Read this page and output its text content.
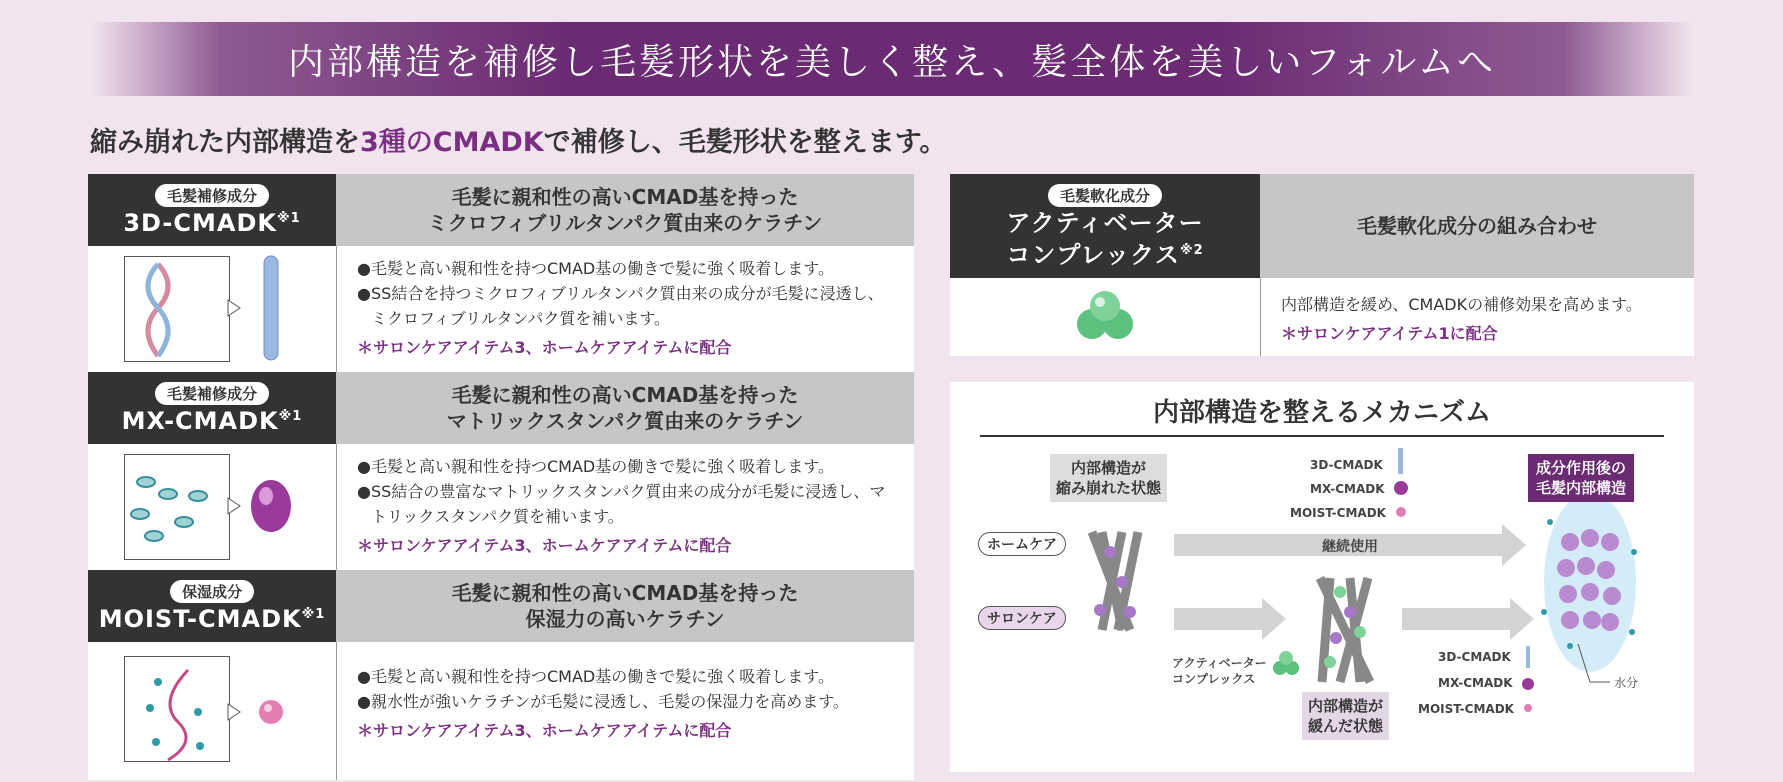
内部構造を補修し毛髪形状を美しく整え、髪全体を美しいフォルムへ
縮み崩れた内部構造を3種のCMADKで補修し、毛髪形状を整えます。
毛髪補修成分
3D-CMADK$^{※1}$
毛髪に親和性の高いCMAD基を持った
ミクロフィブリルタンパク質由来のケラチン
● 毛髪と高い親和性を持つCMAD基の働きで髪に強く吸着します。
● SS結合を持つミクロフィブリルタンパク質由来の成分が毛髪に浸透し、ミクロフィブリルタンパク質を補います。
＊サロンケアアイテム3、ホームケアアイテムに配合
毛髪補修成分
MX-CMADK$^{※1}$
毛髪に親和性の高いCMAD基を持った
マトリックスタンパク質由来のケラチン
● 毛髪と高い親和性を持つCMAD基の働きで髪に強く吸着します。
● SS結合の豊富なマトリックスタンパク質由来の成分が毛髪に浸透し、マトリックスタンパク質を補います。
＊サロンケアアイテム3、ホームケアアイテムに配合
保湿成分
MOIST-CMADK$^{※1}$
毛髪に親和性の高いCMAD基を持った
保湿力の高いケラチン
● 毛髪と高い親和性を持つCMAD基の働きで髪に強く吸着します。
● 親水性が強いケラチンが毛髪に浸透し、毛髪の保湿力を高めます。
＊サロンケアアイテム3、ホームケアアイテムに配合
毛髪軟化成分
アクティベーター
コンプレックス$^{※2}$
毛髪軟化成分の組み合わせ
内部構造を緩め、CMADKの補修効果を高めます。
＊サロンケアアイテム1に配合
内部構造を整えるメカニズム
内部構造が
縮み崩れた状態
3D-CMADK
MX-CMADK
MOIST-CMADK
成分作用後の
毛髪内部構造
ホームケア
サロンケア
継続使用
アクティベーター
コンプレックス
内部構造が
緩んだ状態
3D-CMADK
MX-CMADK
MOIST-CMADK
水分
